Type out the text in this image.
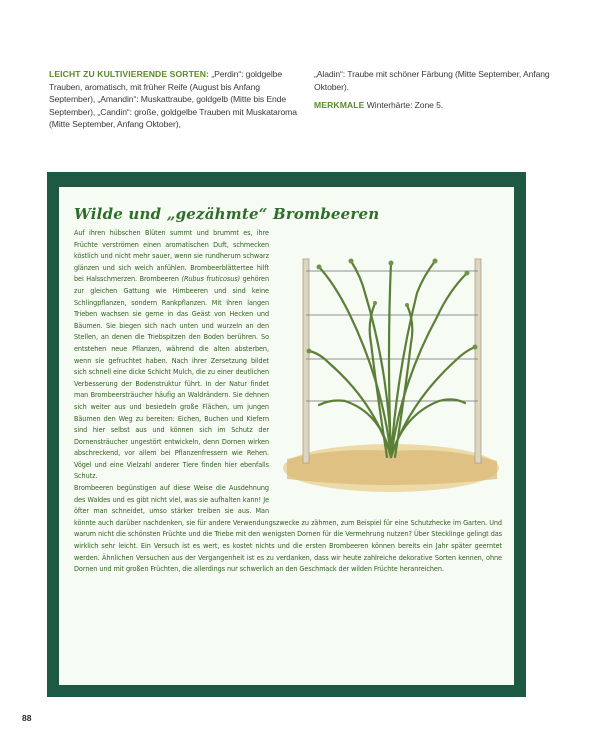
LEICHT ZU KULTIVIERENDE SORTEN: „Perdin“: goldgelbe Trauben, aromatisch, mit früher Reife (August bis Anfang September), „Amandin“: Muskattraube, goldgelb (Mitte bis Ende September), „Candin“: große, goldgelbe Trauben mit Muskataroma (Mitte September, Anfang Oktober),
„Aladin“: Traube mit schöner Färbung (Mitte September, Anfang Oktober).
MERKMALE Winterhärte: Zone 5.
Wilde und „gezähmte“ Brombeeren

Auf ihren hübschen Blüten summt und brummt es, ihre Früchte verströmen einen aromatischen Duft, schmecken köstlich und nicht mehr sauer, wenn sie rundherum schwarz glänzen und sich weich anfühlen. Brombeerblättertee hilft bei Halsschmerzen. Brombeeren (Rubus fruticosus) gehören zur gleichen Gattung wie Himbeeren und sind keine Schlingpflanzen, sondern Rankpflanzen. Mit ihren langen Trieben wachsen sie gerne in das Geäst von Hecken und Bäumen. Sie biegen sich nach unten und wurzeln an den Stellen, an denen die Triebspitzen den Boden berühren. So entstehen neue Pflanzen, während die alten absterben, wenn sie gefruchtet haben. Nach ihrer Zersetzung bildet sich schnell eine dicke Schicht Mulch, die zu einer deutlichen Verbesserung der Bodenstruktur führt. In der Natur findet man Brombeersträucher häufig an Waldrändern. Sie dehnen sich weiter aus und besiedeln große Flächen, um jungen Bäumen den Weg zu bereiten: Eichen, Buchen und Kiefern sind hier selbst aus und können sich im Schutz der Dornensträucher ungestört entwickeln, denn Dornen wirken abschreckend, vor allem bei Pflanzenfressern wie Rehen. Vögel und eine Vielzahl anderer Tiere finden hier ebenfalls Schutz.

Brombeeren begünstigen auf diese Weise die Ausdehnung des Waldes und es gibt nicht viel, was sie aufhalten kann! Je öfter man schneidet, umso stärker treiben sie aus. Man könnte auch darüber nachdenken, sie für andere Verwendungszwecke zu zähmen, zum Beispiel für eine Schutzhecke im Garten. Und warum nicht die schönsten Früchte und die Triebe mit den wenigsten Dornen für die Vermehrung nutzen? Über Stecklinge gelingt das wirklich sehr leicht. Ein Versuch ist es wert, es kostet nichts und die ersten Brombeeren können bereits ein Jahr später geerntet werden. Ähnlichen Versuchen aus der Vergangenheit ist es zu verdanken, dass wir heute zahlreiche dekorative Sorten kennen, ohne Dornen und mit großen Früchten, die allerdings nur schwerlich an den Geschmack der wilden Früchte heranreichen.

88
